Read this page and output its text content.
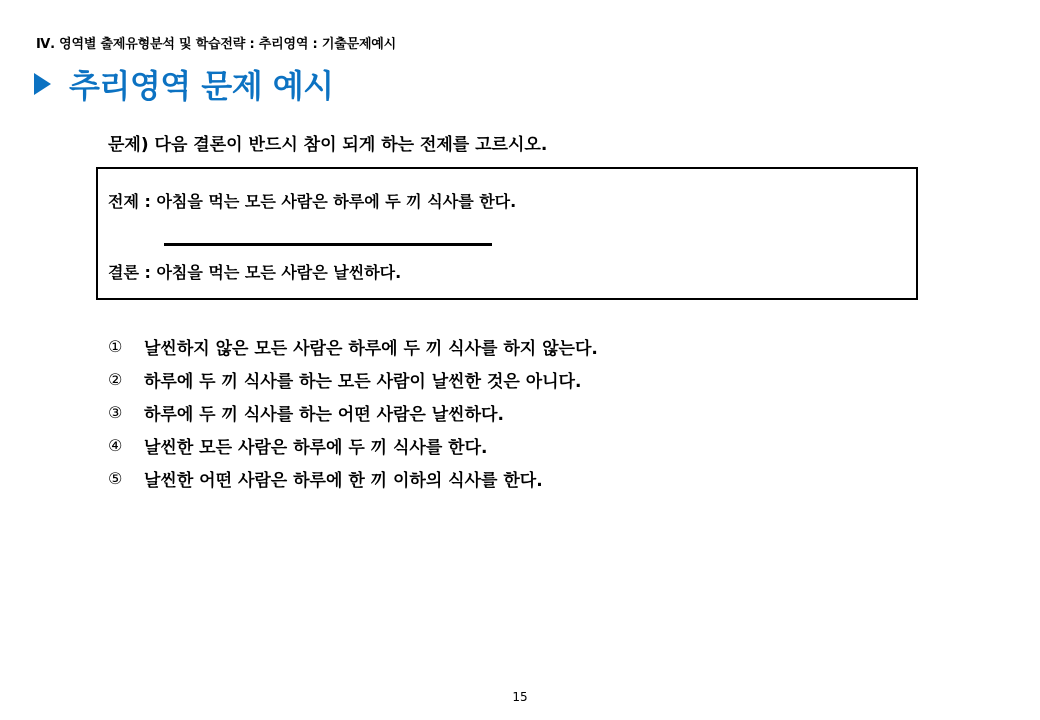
Ⅳ. 영역별 출제유형분석 및 학습전략 : 추리영역 : 기출문제예시
추리영역 문제 예시
문제) 다음 결론이 반드시 참이 되게 하는 전제를 고르시오.
전제 : 아침을 먹는 모든 사람은 하루에 두 끼 식사를 한다.
결론 : 아침을 먹는 모든 사람은 날씬하다.
①	날씬하지 않은 모든 사람은 하루에 두 끼 식사를 하지 않는다.
②	하루에 두 끼 식사를 하는 모든 사람이 날씬한 것은 아니다.
③	하루에 두 끼 식사를 하는 어떤 사람은 날씬하다.
④	날씬한 모든 사람은 하루에 두 끼 식사를 한다.
⑤	날씬한 어떤 사람은 하루에 한 끼 이하의 식사를 한다.
15
